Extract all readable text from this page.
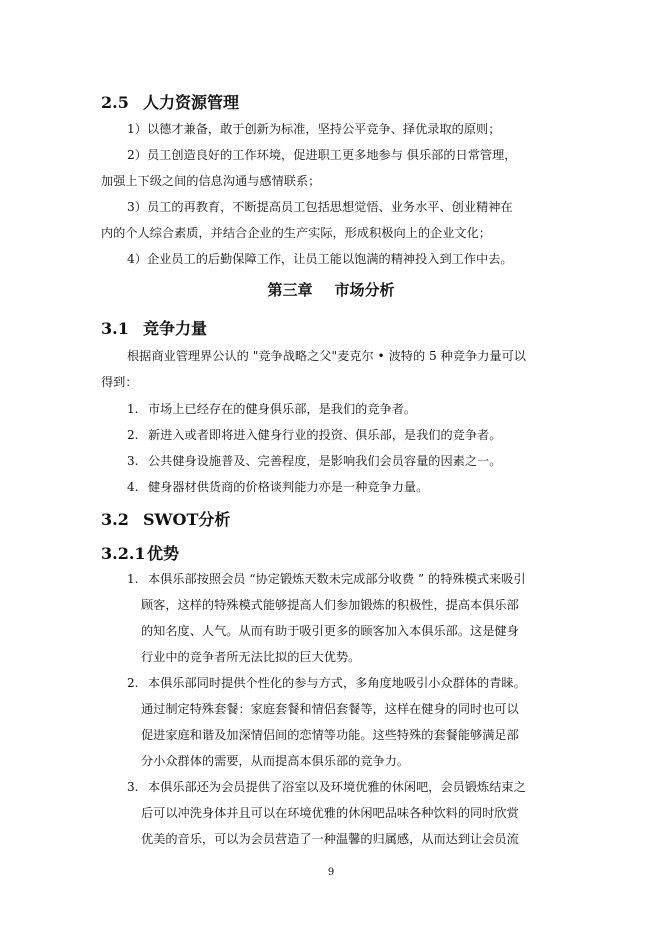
2.5 人力资源管理
1）以德才兼备，敢于创新为标准，坚持公平竞争、择优录取的原则；
2）员工创造良好的工作环境，促进职工更多地参与 俱乐部的日常管理，
加强上下级之间的信息沟通与感情联系；
3）员工的再教育，不断提高员工包括思想觉悟、业务水平、创业精神在
内的个人综合素质，并结合企业的生产实际，形成积极向上的企业文化；
4）企业员工的后勤保障工作，让员工能以饱满的精神投入到工作中去。
第三章 市场分析
3.1 竞争力量
根据商业管理界公认的 "竞争战略之父"麦克尔 • 波特的 5 种竞争力量可以
得到：
1. 市场上已经存在的健身俱乐部，是我们的竞争者。
2. 新进入或者即将进入健身行业的投资、俱乐部，是我们的竞争者。
3. 公共健身设施普及、完善程度，是影响我们会员容量的因素之一。
4. 健身器材供货商的价格谈判能力亦是一种竞争力量。
3.2 SWOT分析
3.2.1优势
1. 本俱乐部按照会员 “协定锻炼天数未完成部分收费 ” 的特殊模式来吸引
顾客，这样的特殊模式能够提高人们参加锻炼的积极性，提高本俱乐部
的知名度、人气。从而有助于吸引更多的顾客加入本俱乐部。这是健身
行业中的竞争者所无法比拟的巨大优势。
2. 本俱乐部同时提供个性化的参与方式，多角度地吸引小众群体的青睐。
通过制定特殊套餐：家庭套餐和情侣套餐等，这样在健身的同时也可以
促进家庭和谐及加深情侣间的恋情等功能。这些特殊的套餐能够满足部
分小众群体的需要，从而提高本俱乐部的竞争力。
3. 本俱乐部还为会员提供了浴室以及环境优雅的休闲吧，会员锻炼结束之
后可以冲洗身体并且可以在环境优雅的休闲吧品味各种饮料的同时欣赏
优美的音乐，可以为会员营造了一种温馨的归属感，从而达到让会员流
9
